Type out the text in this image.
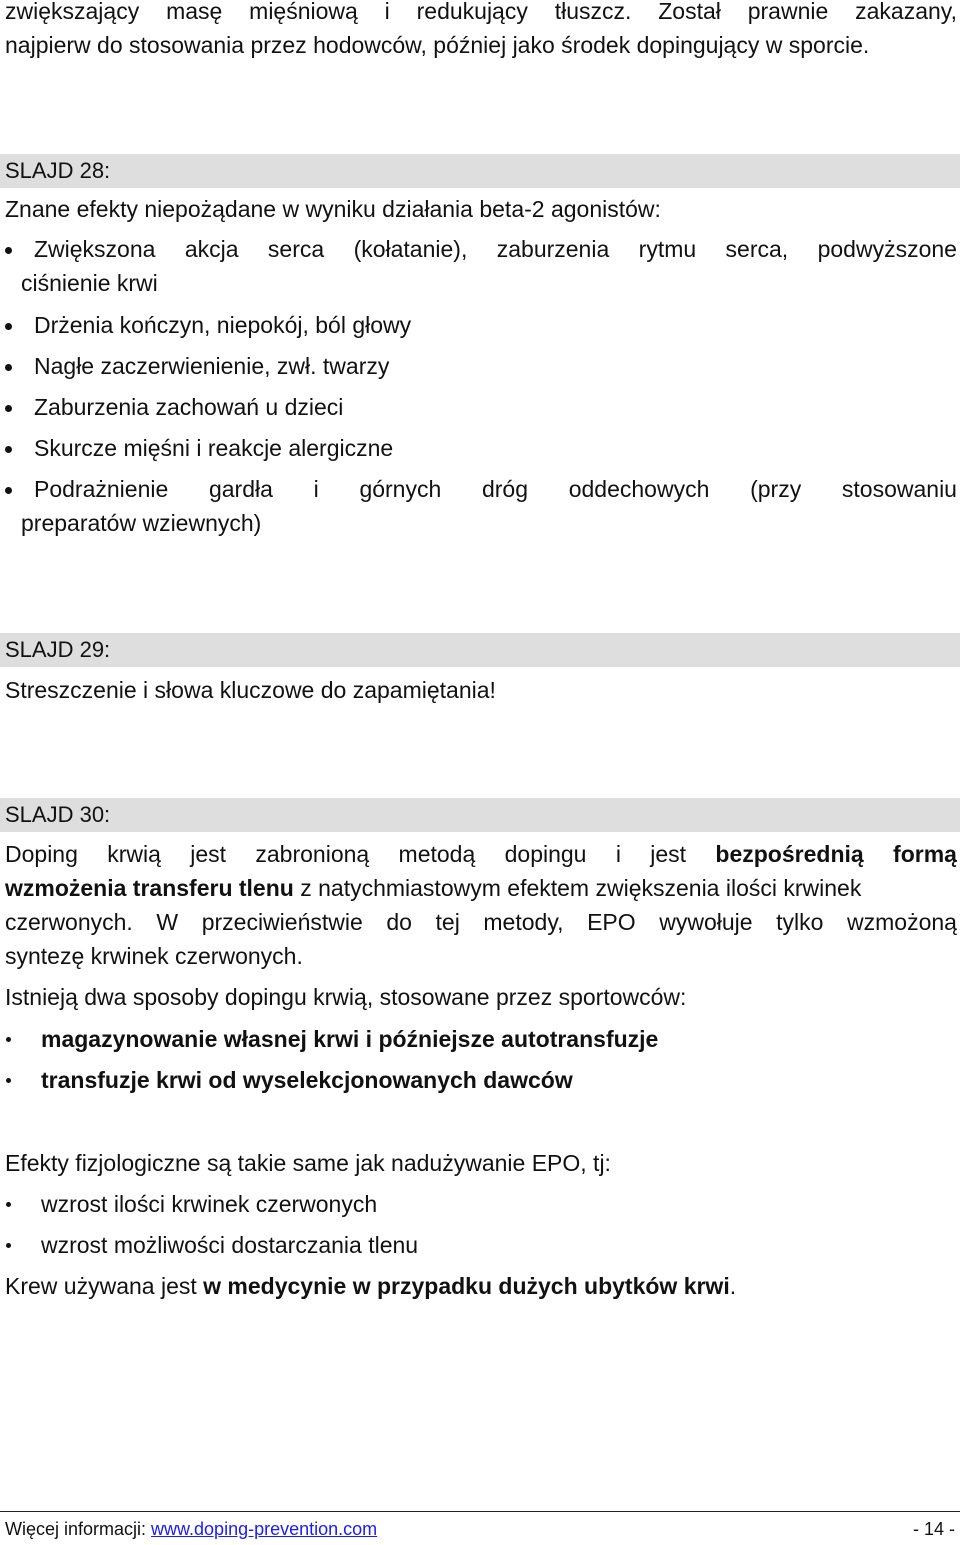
zwiększający masę mięśniową i redukujący tłuszcz. Został prawnie zakazany,
najpierw do stosowania przez hodowców, później jako środek dopingujący w sporcie.
SLAJD 28:
Znane efekty niepożądane w wyniku działania beta-2 agonistów:
Zwiększona akcja serca (kołatanie), zaburzenia rytmu serca, podwyższone
ciśnienie krwi
Drżenia kończyn, niepokój, ból głowy
Nagłe zaczerwienienie, zwł. twarzy
Zaburzenia zachowań u dzieci
Skurcze mięśni i reakcje alergiczne
Podrażnienie gardła i górnych dróg oddechowych (przy stosowaniu
preparatów wziewnych)
SLAJD 29:
Streszczenie i słowa kluczowe do zapamiętania!
SLAJD 30:
Doping krwią jest zabronioną metodą dopingu i jest bezpośrednią formą
wzmożenia transferu tlenu z natychmiastowym efektem zwiększenia ilości krwinek
czerwonych. W przeciwieństwie do tej metody, EPO wywołuje tylko wzmożoną
syntezę krwinek czerwonych.
Istnieją dwa sposoby dopingu krwią, stosowane przez sportowców:
magazynowanie własnej krwi i późniejsze autotransfuzje
transfuzje krwi od wyselekcjonowanych dawców
Efekty fizjologiczne są takie same jak nadużywanie EPO, tj:
wzrost ilości krwinek czerwonych
wzrost możliwości dostarczania tlenu
Krew używana jest w medycynie w przypadku dużych ubytków krwi.
Więcej informacji: www.doping-prevention.com	- 14 -
